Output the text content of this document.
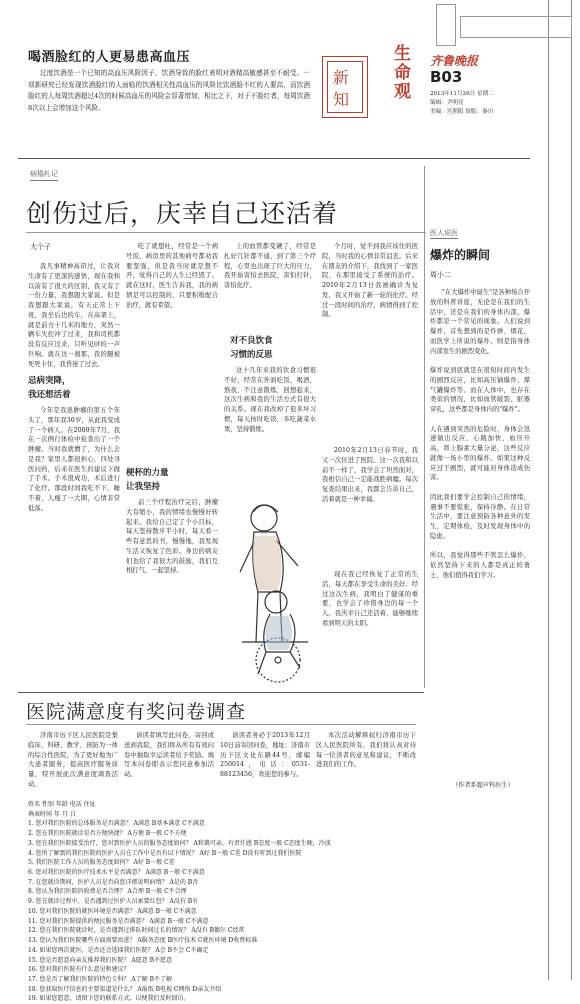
喝酒脸红的人更易患高血压
过度饮酒是一个已知的高血压风险因子，饮酒导致的脸红表明对酒精高敏感甚至不耐受。一项新研究已经发现饮酒脸红的人面临的饮酒相关性高血压的风险比饮酒脸不红的人要高，而饮酒脸红的人每周饮酒超过4次的时候高血压的风险会显著增加，相比之下，对于不脸红者，每周饮酒8次以上会增加这个风险。
新
知 生命观 齐鲁晚报
B03
2013年11月26日 星期二
编辑：尹明亮
美编：宫照阳 组版：秦川
病榻札记
创伤过后，庆幸自己还活着
大个子
我凡事精神高昂过，让我对生命有了更深的感悟，现在我和以前有了很大的区别，我又有了一份力量，我想跟大家说。但是我想跟大家说，有天正常上下班，我坐后边的车，在高架上，就是前方十几米的地方，突然一辆车失控冲了过来，我和司机都没有反应过来，只听见砰的一声巨响。就在这一刹那，我的腿被死死卡住，我昏迷了过去。
忌病突降，
我还想活着
今年是我患肿瘤的第五个年头了，那年我30岁，从此我变成了一个病人。在2009年7月，我在一次例行体检中检查出了一个肿瘤。当时我就懵了，为什么会是我？家里人都很担心，四处寻医问药，后来在医生的建议下做了手术。手术很成功，术后进行了化疗。那段时间我吃不下，睡不着，人瘦了一大圈，心情非常低落。
吃了就想吐，经常是一个病号饭，病房里的其他病号都劝我要坚强，但是我当时就是想不开，觉得自己的人生已经毁了。就在这时，医生告诉我，我的病情是可以控制的，只要积极配合治疗，就有希望。
梗杯的力量
让我坚持
前三个疗程治疗完后，肿瘤大有缩小，我的情绪也慢慢好转起来。我给自己定了个小目标，每天坚持散步半小时，每天看一些有意思的书，慢慢地，我发现生活又恢复了色彩。身边的病友们也给了我很大的鼓励，我们互相打气，一起坚持。
上的血管都变硬了，经常是扎好几针都不通，到了第三个疗程，心里也出现了巨大的压力，我开始害怕去医院，害怕打针，害怕化疗。
对不良饮食
习惯的反思
这十几年来我的饮食习惯很不好，经常在外面吃饭，喝酒，熬夜，不注意锻炼，回想起来，这次生病和我的生活方式有很大的关系。现在我改掉了很多坏习惯，每天按时吃饭，多吃蔬菜水果，坚持锻炼。
个月时，觉不到我应该住的医院，当时我的心情非常沮丧。后来在朋友的介绍下，我找到了一家医院，在那里接受了系统的治疗。2010年2月13日我被确诊为复发，我又开始了新一轮的化疗。经过一段时间的治疗，病情得到了控制。
2010年2月13日春节时，我又一次住进了医院。这一次我和以前不一样了，我学会了坦然面对，我相信自己一定能战胜病魔。每次复查结果出来，我都会告诉自己，活着就是一种幸福。
现在我已经恢复了正常的生活，每天都在享受生命的美好。经过这次生病，我明白了健康的重要，也学会了珍惜身边的每一个人。我庆幸自己还活着，能够继续看到明天的太阳。
医人说医
爆炸的瞬间
周小二
"在大爆炸中诞生"是各种场合开放的科普讲座，无论是在我们的生活中，还是在我们的身体内部，爆炸都是一个常见的现象。人们说到爆炸，首先想到的是炸弹、烟花，而医学上所说的爆炸，则是指身体内部发生的剧烈变化。

爆炸说到底就是在很短时间内发生的剧烈反应，比如高压锅爆炸、煤气罐爆炸等。而在人体中，也存在类似的情况，比如血管破裂、脏器穿孔，这些都是身体内的"爆炸"。

人在遇到突然的危险时，身体会迅速做出反应，心跳加快，血压升高，肾上腺素大量分泌，这些反应就像一场小型的爆炸。如果这种反应过于剧烈，就可能对身体造成伤害。

因此我们要学会控制自己的情绪，遇事不要慌张，保持冷静。在日常生活中，要注意预防各种意外的发生，定期体检，及时发现身体中的隐患。

所以，我觉得那些不管怎么爆炸，依然坚持下来的人都是真正的勇士，他们值得我们学习。
（作者系超声科医生）
医院满意度有奖问卷调查
济南市历下区人民医院是集临床、科研、教学、预防为一体的综合性医院，为了更好地为广大患者服务，提高医疗服务质量，特开展此次满意度调查活动。
请读者填写此问卷，寄回或送到我院，我们将从所有有效问卷中抽取幸运读者给予奖励。填写本问卷即表示您同意参加活动。
请读者务必于2013年12月10日前寄回问卷，地址：济南市历下区文化东路44号，邮编250014，电话：0531-88123456，欢迎您的参与。
本次活动解释权归济南市历下区人民医院所有，我们将认真对待每一位读者的意见和建议，不断改进我们的工作。
姓名 性别 年龄 电话 住址
填表时间 年 月 日
1. 您对我们医院的总体服务是否满意？ A满意 B基本满意 C不满意
2. 您在我们医院就诊是否方便快捷？ A方便 B一般 C不方便
3. 您在我们医院接受治疗，您对到医护人员的服务态度如何？ A和蔼可亲，有责任感 B态度一般 C态度生硬，冷淡
4. 您所了解到的我们医院的医护人员在工作中是否有以下情况？ A好 B一般 C差 D没有听到过我们医院
5. 我们医院工作人员的服务态度如何？ A好 B一般 C差
6. 您对我们医院的医疗技术水平是否满意？ A满意 B一般 C不满意
7. 在您就诊期间，医护人员是否向您详细说明病情？ A是的 B否
8. 您认为我们医院的收费是否合理？ A合理 B一般 C不合理
9. 您在就诊过程中，是否遇到过医护人员索要红包？ A没有 B有
10. 您对我们医院的就医环境是否满意？ A满意 B一般 C不满意
11. 您对我们医院提供的便民服务是否满意？ A满意 B一般 C不满意
12. 您在我们医院就诊时，是否遇到过排队时间过长的情况？ A没有 B偶尔 C经常
13. 您认为我们医院哪些方面需要改进？ A服务态度 B医疗技术 C就医环境 D收费标准
14. 如果您再次就医，是否还会选择我们医院？ A会 B不会 C不确定
15. 您是否愿意向亲友推荐我们医院？ A愿意 B不愿意
16. 您对我们医院有什么意见和建议？
17. 您是否了解我们医院的特色专科？ A了解 B不了解
18. 您获取医疗信息的主要渠道是什么？ A报纸 B电视 C网络 D亲友介绍
19. 如果您愿意，请留下您的联系方式，以便我们及时回访。
